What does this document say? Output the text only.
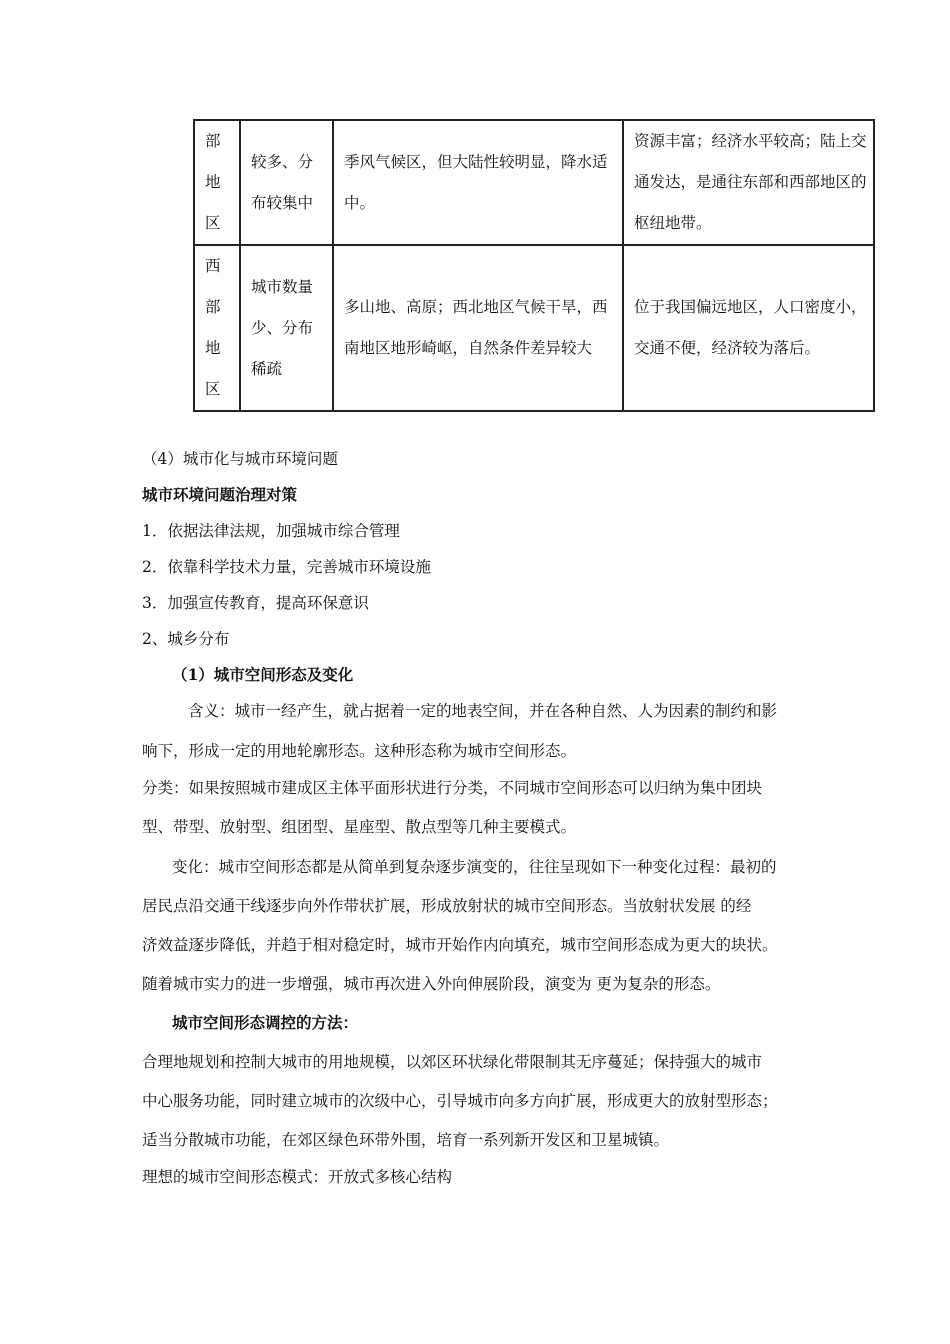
部地区	较多、分布较集中	季风气候区，但大陆性较明显，降水适中。	资源丰富；经济水平较高；陆上交通发达，是通往东部和西部地区的枢纽地带。

西部地区	城市数量少、分布稀疏	多山地、高原；西北地区气候干旱，西南地区地形崎岖，自然条件差异较大	位于我国偏远地区，人口密度小，交通不便，经济较为落后。
（4）城市化与城市环境问题
城市环境问题治理对策
1．依据法律法规，加强城市综合管理
2．依靠科学技术力量，完善城市环境设施
3．加强宣传教育，提高环保意识
2、城乡分布
（1）城市空间形态及变化
含义：城市一经产生，就占据着一定的地表空间，并在各种自然、人为因素的制约和影
响下，形成一定的用地轮廓形态。这种形态称为城市空间形态。
分类：如果按照城市建成区主体平面形状进行分类，不同城市空间形态可以归纳为集中团块
型、带型、放射型、组团型、星座型、散点型等几种主要模式。
变化：城市空间形态都是从简单到复杂逐步演变的，往往呈现如下一种变化过程：最初的
居民点沿交通干线逐步向外作带状扩展，形成放射状的城市空间形态。当放射状发展 的经
济效益逐步降低，并趋于相对稳定时，城市开始作内向填充，城市空间形态成为更大的块状。
随着城市实力的进一步增强，城市再次进入外向伸展阶段，演变为 更为复杂的形态。
城市空间形态调控的方法：
合理地规划和控制大城市的用地规模，以郊区环状绿化带限制其无序蔓延；保持强大的城市
中心服务功能，同时建立城市的次级中心，引导城市向多方向扩展，形成更大的放射型形态；
适当分散城市功能，在郊区绿色环带外围，培育一系列新开发区和卫星城镇。
理想的城市空间形态模式：开放式多核心结构
